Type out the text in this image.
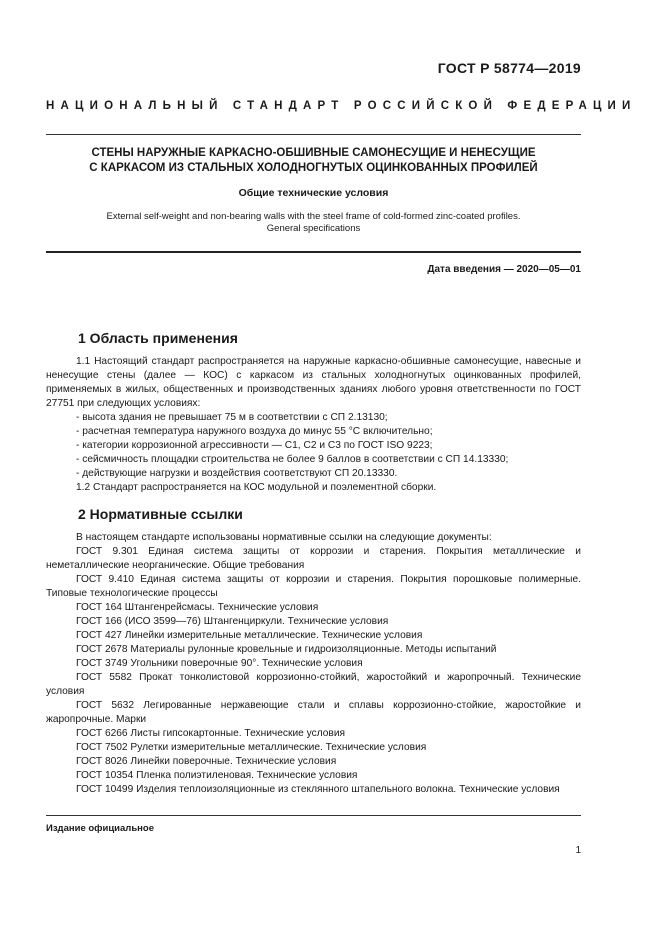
ГОСТ Р 58774—2019
НАЦИОНАЛЬНЫЙ СТАНДАРТ РОССИЙСКОЙ ФЕДЕРАЦИИ
СТЕНЫ НАРУЖНЫЕ КАРКАСНО-ОБШИВНЫЕ САМОНЕСУЩИЕ И НЕНЕСУЩИЕ
С КАРКАСОМ ИЗ СТАЛЬНЫХ ХОЛОДНОГНУТЫХ ОЦИНКОВАННЫХ ПРОФИЛЕЙ
Общие технические условия
External self-weight and non-bearing walls with the steel frame of cold-formed zinc-coated profiles.
General specifications
Дата введения — 2020—05—01
1 Область применения
1.1 Настоящий стандарт распространяется на наружные каркасно-обшивные самонесущие, навесные и ненесущие стены (далее — КОС) с каркасом из стальных холодногнутых оцинкованных профилей, применяемых в жилых, общественных и производственных зданиях любого уровня ответственности по ГОСТ 27751 при следующих условиях:
- высота здания не превышает 75 м в соответствии с СП 2.13130;
- расчетная температура наружного воздуха до минус 55 °С включительно;
- категории коррозионной агрессивности — С1, С2 и С3 по ГОСТ ISO 9223;
- сейсмичность площадки строительства не более 9 баллов в соответствии с СП 14.13330;
- действующие нагрузки и воздействия соответствуют СП 20.13330.
1.2 Стандарт распространяется на КОС модульной и поэлементной сборки.
2 Нормативные ссылки
В настоящем стандарте использованы нормативные ссылки на следующие документы:
ГОСТ 9.301 Единая система защиты от коррозии и старения. Покрытия металлические и неметаллические неорганические. Общие требования
ГОСТ 9.410 Единая система защиты от коррозии и старения. Покрытия порошковые полимерные. Типовые технологические процессы
ГОСТ 164 Штангенрейсмасы. Технические условия
ГОСТ 166 (ИСО 3599—76) Штангенциркули. Технические условия
ГОСТ 427 Линейки измерительные металлические. Технические условия
ГОСТ 2678 Материалы рулонные кровельные и гидроизоляционные. Методы испытаний
ГОСТ 3749 Угольники поверочные 90°. Технические условия
ГОСТ 5582 Прокат тонколистовой коррозионно-стойкий, жаростойкий и жаропрочный. Технические условия
ГОСТ 5632 Легированные нержавеющие стали и сплавы коррозионно-стойкие, жаростойкие и жаропрочные. Марки
ГОСТ 6266 Листы гипсокартонные. Технические условия
ГОСТ 7502 Рулетки измерительные металлические. Технические условия
ГОСТ 8026 Линейки поверочные. Технические условия
ГОСТ 10354 Пленка полиэтиленовая. Технические условия
ГОСТ 10499 Изделия теплоизоляционные из стеклянного штапельного волокна. Технические условия
Издание официальное
1
